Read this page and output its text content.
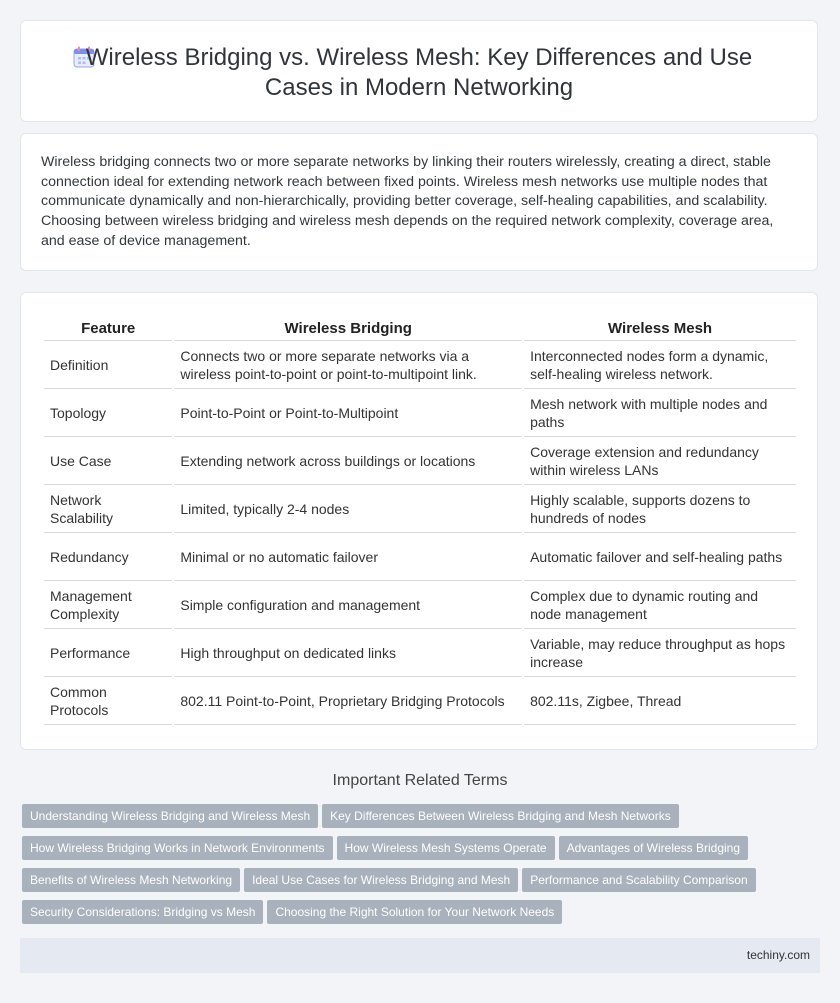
Wireless Bridging vs. Wireless Mesh: Key Differences and Use Cases in Modern Networking

Wireless bridging connects two or more separate networks by linking their routers wirelessly, creating a direct, stable connection ideal for extending network reach between fixed points. Wireless mesh networks use multiple nodes that communicate dynamically and non-hierarchically, providing better coverage, self-healing capabilities, and scalability. Choosing between wireless bridging and wireless mesh depends on the required network complexity, coverage area, and ease of device management.

Feature	Wireless Bridging	Wireless Mesh
Definition	Connects two or more separate networks via a wireless point-to-point or point-to-multipoint link.	Interconnected nodes form a dynamic, self-healing wireless network.
Topology	Point-to-Point or Point-to-Multipoint	Mesh network with multiple nodes and paths
Use Case	Extending network across buildings or locations	Coverage extension and redundancy within wireless LANs
Network Scalability	Limited, typically 2-4 nodes	Highly scalable, supports dozens to hundreds of nodes
Redundancy	Minimal or no automatic failover	Automatic failover and self-healing paths
Management Complexity	Simple configuration and management	Complex due to dynamic routing and node management
Performance	High throughput on dedicated links	Variable, may reduce throughput as hops increase
Common Protocols	802.11 Point-to-Point, Proprietary Bridging Protocols	802.11s, Zigbee, Thread
Important Related Terms
Understanding Wireless Bridging and Wireless Mesh Key Differences Between Wireless Bridging and Mesh Networks
How Wireless Bridging Works in Network Environments How Wireless Mesh Systems Operate Advantages of Wireless Bridging
Benefits of Wireless Mesh Networking Ideal Use Cases for Wireless Bridging and Mesh Performance and Scalability Comparison
Security Considerations: Bridging vs Mesh Choosing the Right Solution for Your Network Needs
techiny.com
